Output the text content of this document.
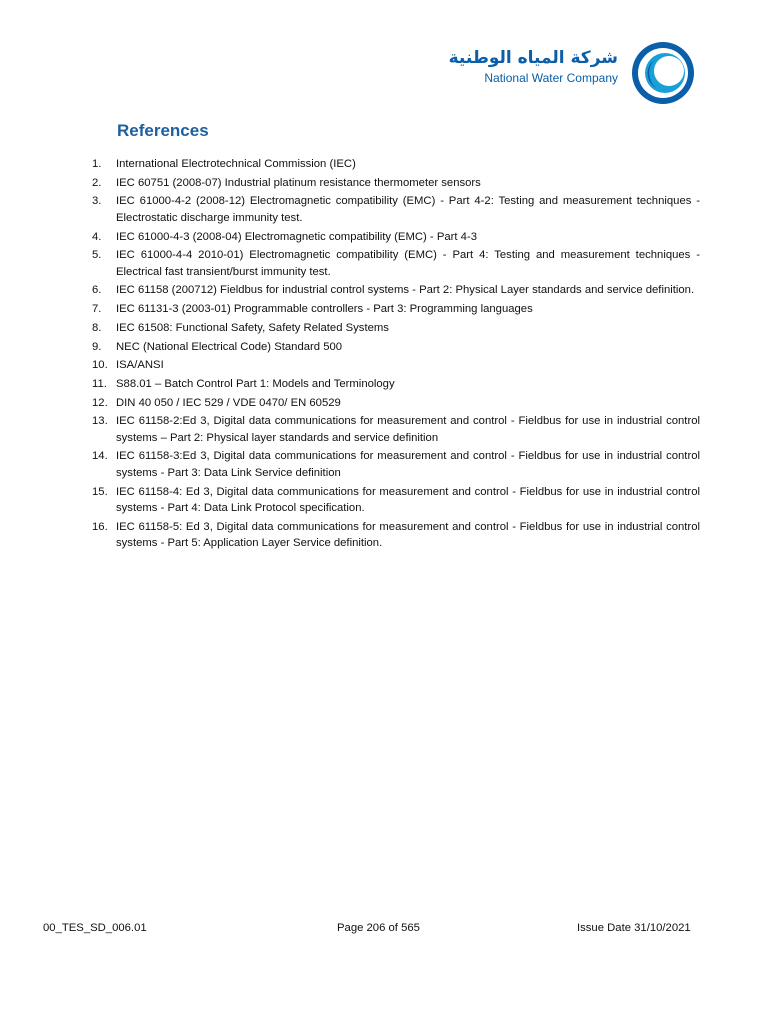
شركة المياه الوطنية
National Water Company
References
1.	International Electrotechnical Commission (IEC)
2.	IEC 60751 (2008-07) Industrial platinum resistance thermometer sensors
3.	IEC 61000-4-2 (2008-12) Electromagnetic compatibility (EMC) - Part 4-2: Testing and measurement techniques - Electrostatic discharge immunity test.
4.	IEC 61000-4-3 (2008-04) Electromagnetic compatibility (EMC) - Part 4-3
5.	IEC 61000-4-4 2010-01) Electromagnetic compatibility (EMC) - Part 4: Testing and measurement techniques - Electrical fast transient/burst immunity test.
6.	IEC 61158 (200712) Fieldbus for industrial control systems - Part 2: Physical Layer standards and service definition.
7.	IEC 61131-3 (2003-01) Programmable controllers - Part 3: Programming languages
8.	IEC 61508: Functional Safety, Safety Related Systems
9.	NEC (National Electrical Code) Standard 500
10. ISA/ANSI
11. S88.01 – Batch Control Part 1: Models and Terminology
12. DIN 40 050 / IEC 529 / VDE 0470/ EN 60529
13. IEC 61158-2:Ed 3, Digital data communications for measurement and control - Fieldbus for use in industrial control systems – Part 2: Physical layer standards and service definition
14. IEC 61158-3:Ed 3, Digital data communications for measurement and control - Fieldbus for use in industrial control systems - Part 3: Data Link Service definition
15. IEC 61158-4: Ed 3, Digital data communications for measurement and control - Fieldbus for use in industrial control systems - Part 4: Data Link Protocol specification.
16. IEC 61158-5: Ed 3, Digital data communications for measurement and control - Fieldbus for use in industrial control systems - Part 5: Application Layer Service definition.
00_TES_SD_006.01	Page 206 of 565	Issue Date 31/10/2021
